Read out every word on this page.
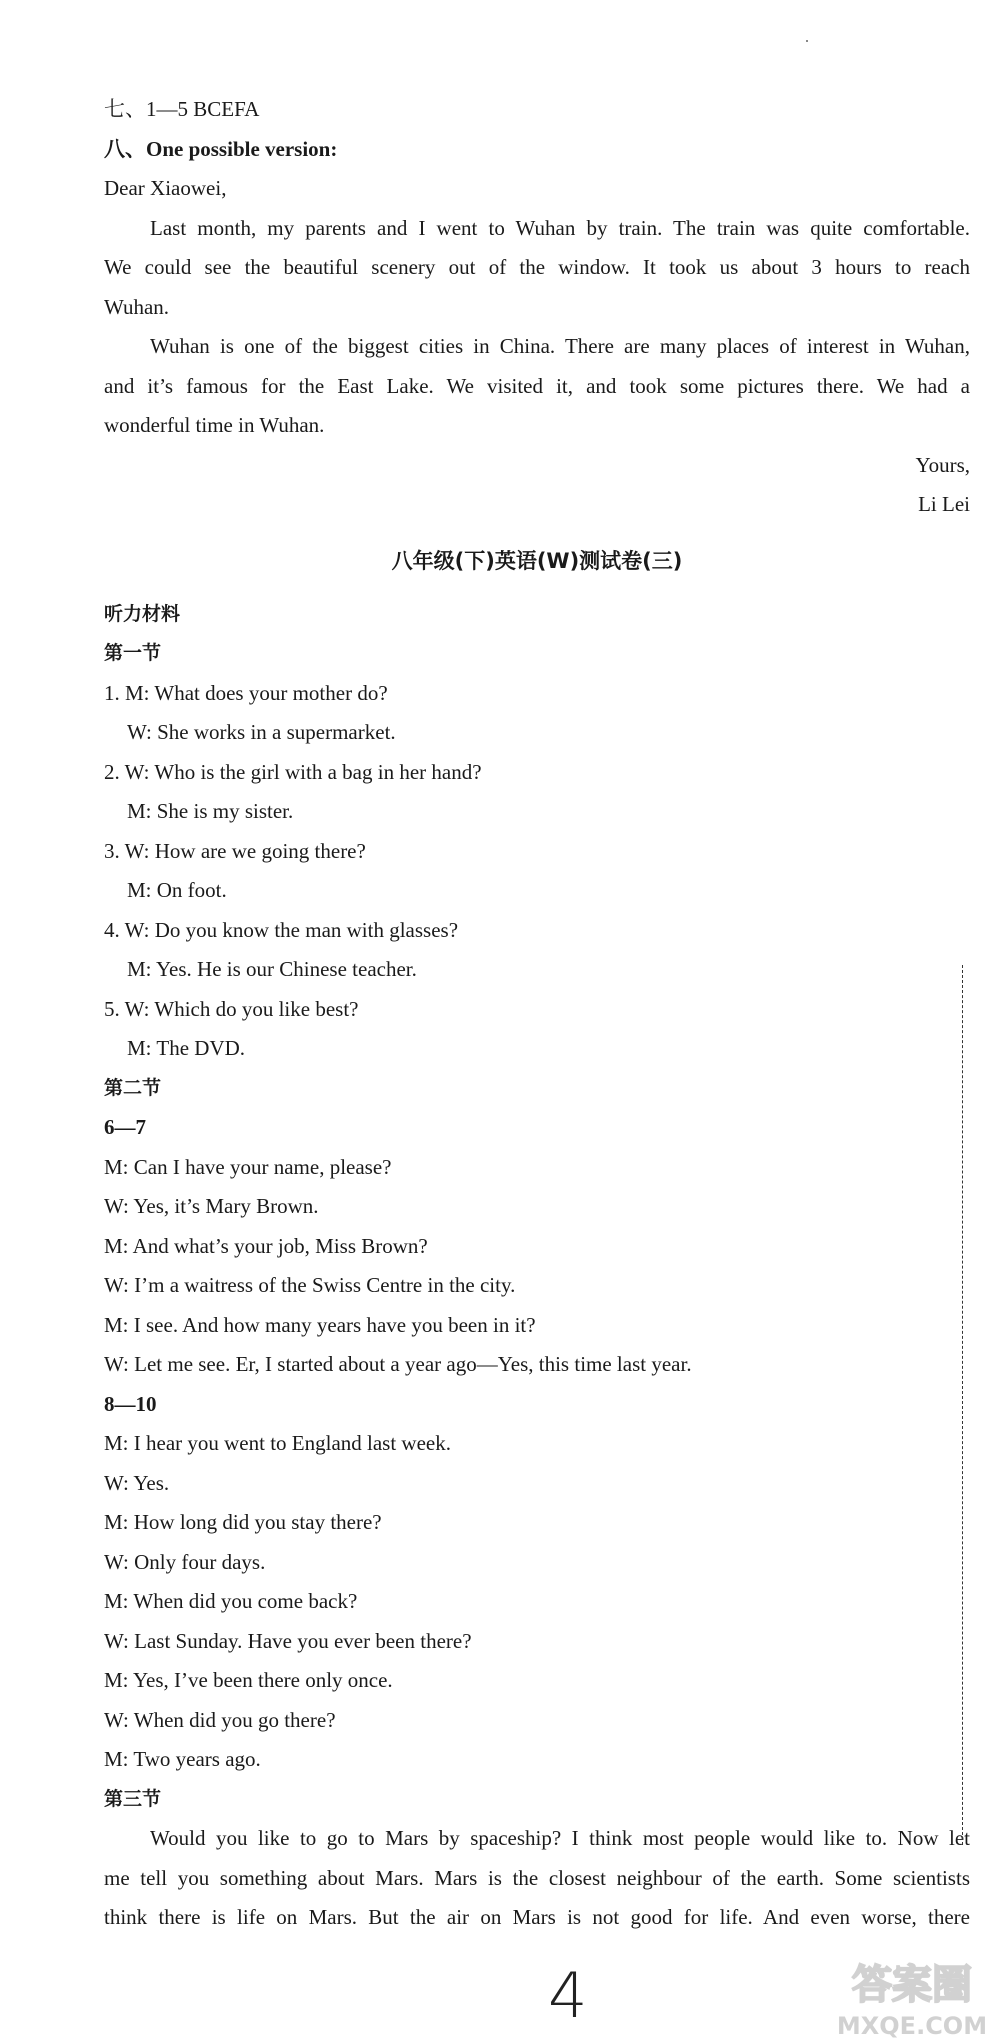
七、1—5 BCEFA

八、One possible version:

Dear Xiaowei,

Last month, my parents and I went to Wuhan by train. The train was quite comfortable.

We could see the beautiful scenery out of the window. It took us about 3 hours to reach

Wuhan.

Wuhan is one of the biggest cities in China. There are many places of interest in Wuhan,

and it’s famous for the East Lake. We visited it, and took some pictures there. We had a

wonderful time in Wuhan.

Yours,

Li Lei

八年级(下)英语(W)测试卷(三)

听力材料

第一节

1. M: What does your mother do?

W: She works in a supermarket.

2. W: Who is the girl with a bag in her hand?

M: She is my sister.

3. W: How are we going there?

M: On foot.

4. W: Do you know the man with glasses?

M: Yes. He is our Chinese teacher.

5. W: Which do you like best?

M: The DVD.

第二节

6—7

M: Can I have your name, please?

W: Yes, it’s Mary Brown.

M: And what’s your job, Miss Brown?

W: I’m a waitress of the Swiss Centre in the city.

M: I see. And how many years have you been in it?

W: Let me see. Er, I started about a year ago—Yes, this time last year.

8—10

M: I hear you went to England last week.

W: Yes.

M: How long did you stay there?

W: Only four days.

M: When did you come back?

W: Last Sunday. Have you ever been there?

M: Yes, I’ve been there only once.

W: When did you go there?

M: Two years ago.

第三节

Would you like to go to Mars by spaceship? I think most people would like to. Now let

me tell you something about Mars. Mars is the closest neighbour of the earth. Some scientists

think there is life on Mars. But the air on Mars is not good for life. And even worse, there

4	答案圈
MXQE.COM
